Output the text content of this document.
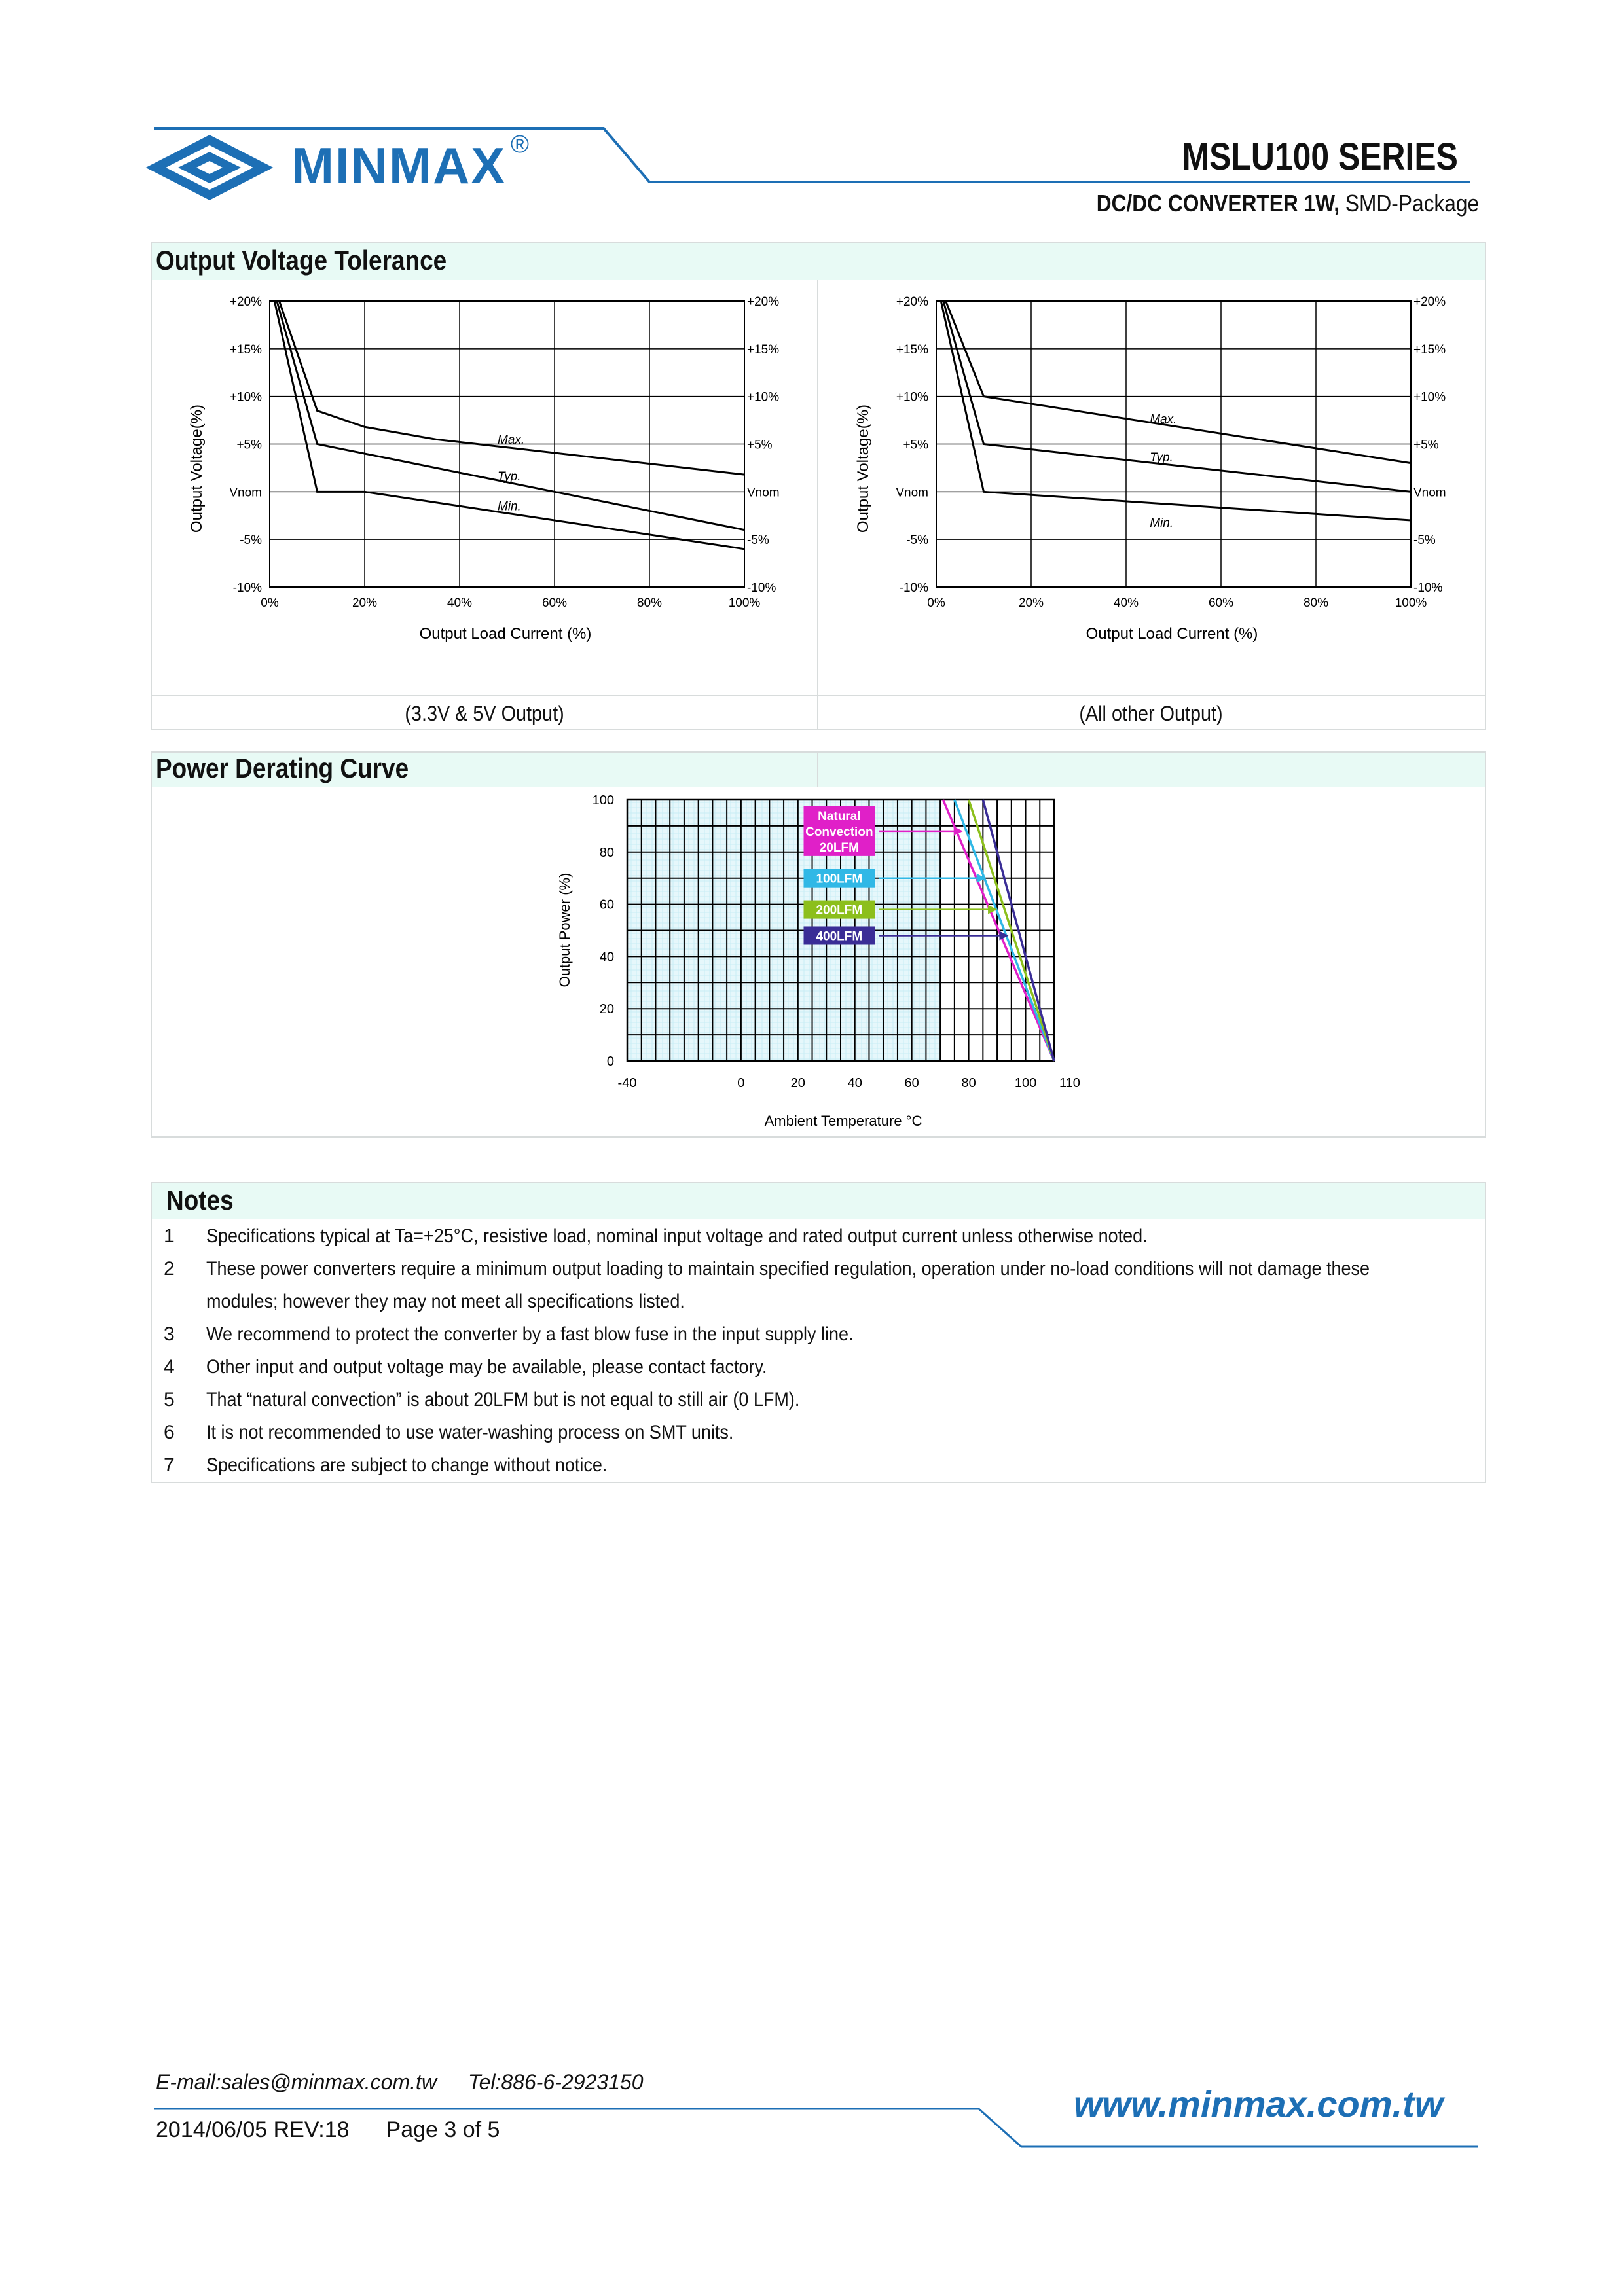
MINMAX ®	MSLU100 SERIES
DC/DC CONVERTER 1W, SMD-Package
Output Voltage Tolerance
+20%
+15%
+10%
+5%
Vnom
-5%
-10%
+20%
+15%
+10%
+5%
Vnom
-5%
-10%
0%	20%	40%	60%	80%	100%
Max.
Typ.
Min.
Output Load Current (%)
Output Voltage(%)
+20%
+15%
+10%
+5%
Vnom
-5%
-10%
+20%
+15%
+10%
+5%
Vnom
-5%
-10%
0%	20%	40%	60%	80%	100%
Max.
Typ.
Min.
Output Load Current (%)
Output Voltage(%)
(3.3V & 5V Output)	(All other Output)
Power Derating Curve
0
20
40
60
80
100
-40	0	20	40	60	80	100 110
Natural
Convection
20LFM
100LFM
200LFM
400LFM
Ambient Temperature °C
Output Power (%)
Notes
1 Specifications typical at Ta=+25°C, resistive load, nominal input voltage and rated output current unless otherwise noted.
2 These power converters require a minimum output loading to maintain specified regulation, operation under no-load conditions will not damage these
modules; however they may not meet all specifications listed.
3 We recommend to protect the converter by a fast blow fuse in the input supply line.
4 Other input and output voltage may be available, please contact factory.
5 That “natural convection” is about 20LFM but is not equal to still air (0 LFM).
6 It is not recommended to use water-washing process on SMT units.
7 Specifications are subject to change without notice.
E-mail:sales@minmax.com.tw Tel:886-6-2923150
2014/06/05 REV:18 Page 3 of 5
www.minmax.com.tw
